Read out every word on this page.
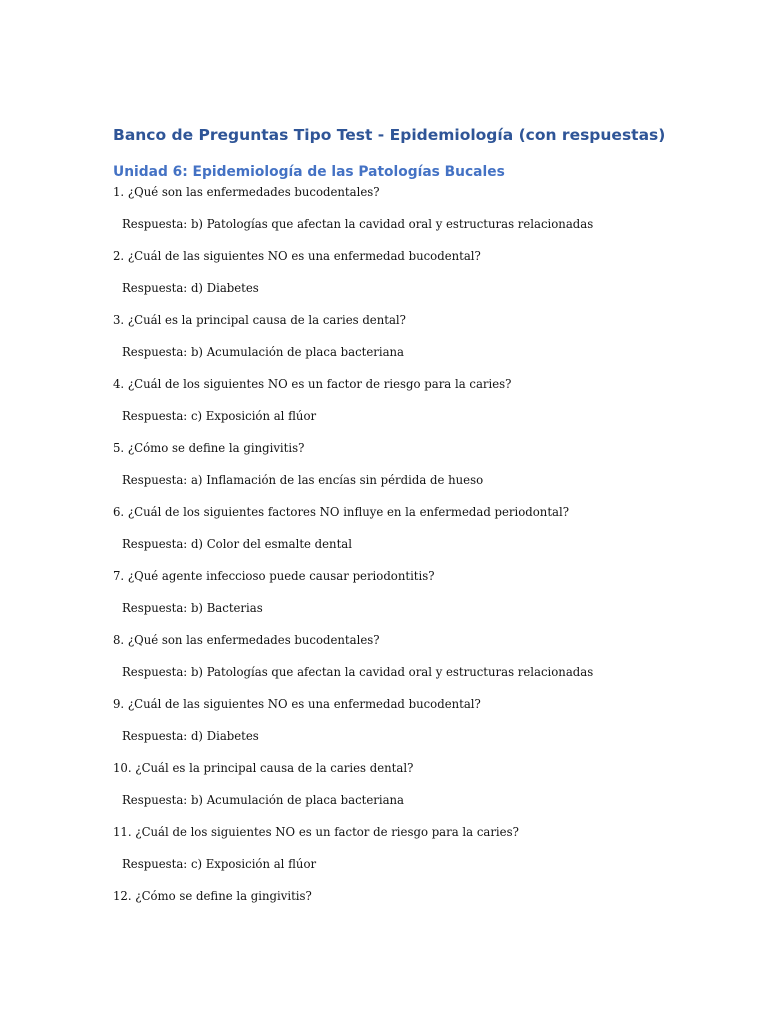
Banco de Preguntas Tipo Test - Epidemiología (con respuestas)
Unidad 6: Epidemiología de las Patologías Bucales

1. ¿Qué son las enfermedades bucodentales?

Respuesta: b) Patologías que afectan la cavidad oral y estructuras relacionadas

2. ¿Cuál de las siguientes NO es una enfermedad bucodental?

Respuesta: d) Diabetes

3. ¿Cuál es la principal causa de la caries dental?

Respuesta: b) Acumulación de placa bacteriana

4. ¿Cuál de los siguientes NO es un factor de riesgo para la caries?

Respuesta: c) Exposición al flúor

5. ¿Cómo se define la gingivitis?

Respuesta: a) Inflamación de las encías sin pérdida de hueso

6. ¿Cuál de los siguientes factores NO influye en la enfermedad periodontal?

Respuesta: d) Color del esmalte dental

7. ¿Qué agente infeccioso puede causar periodontitis?

Respuesta: b) Bacterias

8. ¿Qué son las enfermedades bucodentales?

Respuesta: b) Patologías que afectan la cavidad oral y estructuras relacionadas

9. ¿Cuál de las siguientes NO es una enfermedad bucodental?

Respuesta: d) Diabetes

10. ¿Cuál es la principal causa de la caries dental?

Respuesta: b) Acumulación de placa bacteriana

11. ¿Cuál de los siguientes NO es un factor de riesgo para la caries?

Respuesta: c) Exposición al flúor

12. ¿Cómo se define la gingivitis?
